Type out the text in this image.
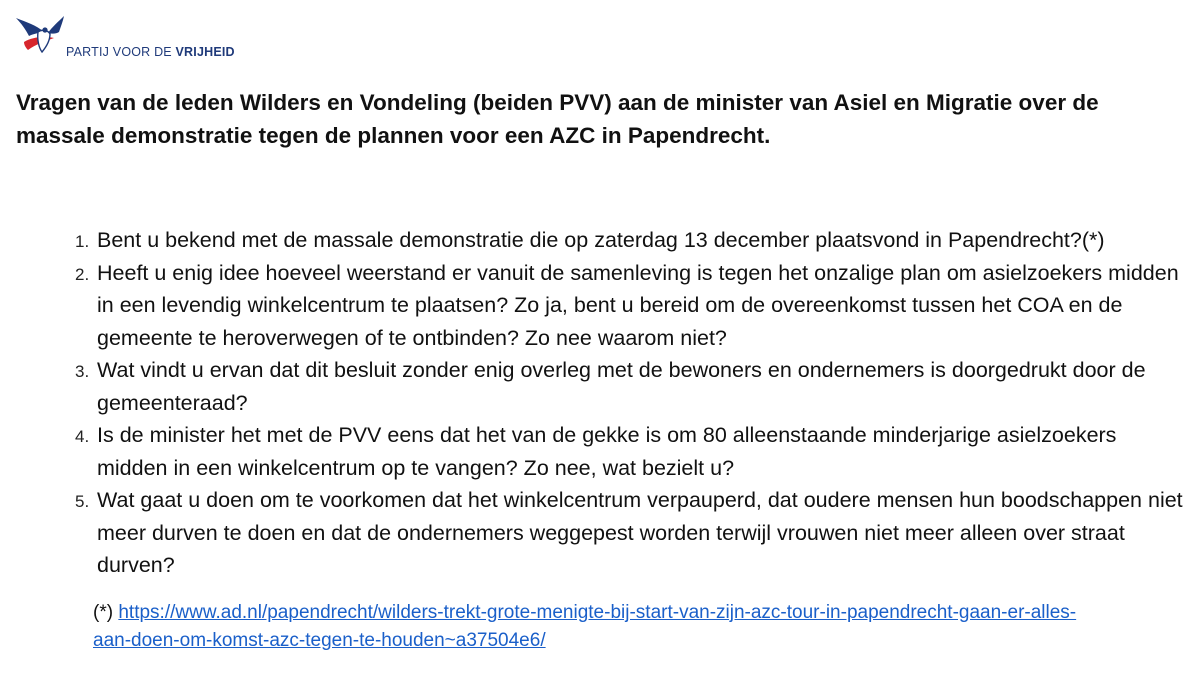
PARTIJ VOOR DE VRIJHEID
Vragen van de leden Wilders en Vondeling (beiden PVV) aan de minister van Asiel en Migratie over de massale demonstratie tegen de plannen voor een AZC in Papendrecht.
1. Bent u bekend met de massale demonstratie die op zaterdag 13 december plaatsvond in Papendrecht?(*)
2. Heeft u enig idee hoeveel weerstand er vanuit de samenleving is tegen het onzalige plan om asielzoekers midden in een levendig winkelcentrum te plaatsen? Zo ja, bent u bereid om de overeenkomst tussen het COA en de gemeente te heroverwegen of te ontbinden? Zo nee waarom niet?
3. Wat vindt u ervan dat dit besluit zonder enig overleg met de bewoners en ondernemers is doorgedrukt door de gemeenteraad?
4. Is de minister het met de PVV eens dat het van de gekke is om 80 alleenstaande minderjarige asielzoekers midden in een winkelcentrum op te vangen? Zo nee, wat bezielt u?
5. Wat gaat u doen om te voorkomen dat het winkelcentrum verpauperd, dat oudere mensen hun boodschappen niet meer durven te doen en dat de ondernemers weggepest worden terwijl vrouwen niet meer alleen over straat durven?
(*) https://www.ad.nl/papendrecht/wilders-trekt-grote-menigte-bij-start-van-zijn-azc-tour-in-papendrecht-gaan-er-alles-aan-doen-om-komst-azc-tegen-te-houden~a37504e6/
